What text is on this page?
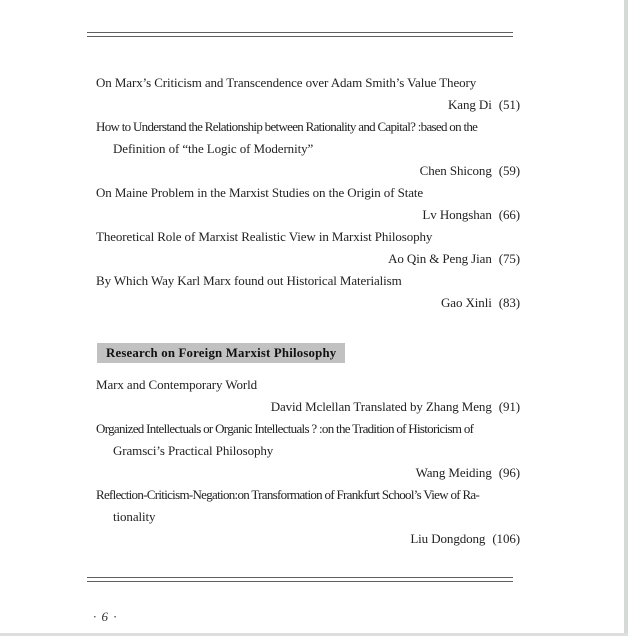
On Marx’s Criticism and Transcendence over Adam Smith’s Value Theory
Kang Di (51)
How to Understand the Relationship between Rationality and Capital? :based on the
Definition of “the Logic of Modernity”
Chen Shicong (59)
On Maine Problem in the Marxist Studies on the Origin of State
Lv Hongshan (66)
Theoretical Role of Marxist Realistic View in Marxist Philosophy
Ao Qin & Peng Jian (75)
By Which Way Karl Marx found out Historical Materialism
Gao Xinli (83)
Research on Foreign Marxist Philosophy
Marx and Contemporary World
David Mclellan Translated by Zhang Meng (91)
Organized Intellectuals or Organic Intellectuals ? :on the Tradition of Historicism of
Gramsci’s Practical Philosophy
Wang Meiding (96)
Reflection-Criticism-Negation:on Transformation of Frankfurt School’s View of Ra-
tionality
Liu Dongdong (106)
· 6 ·
